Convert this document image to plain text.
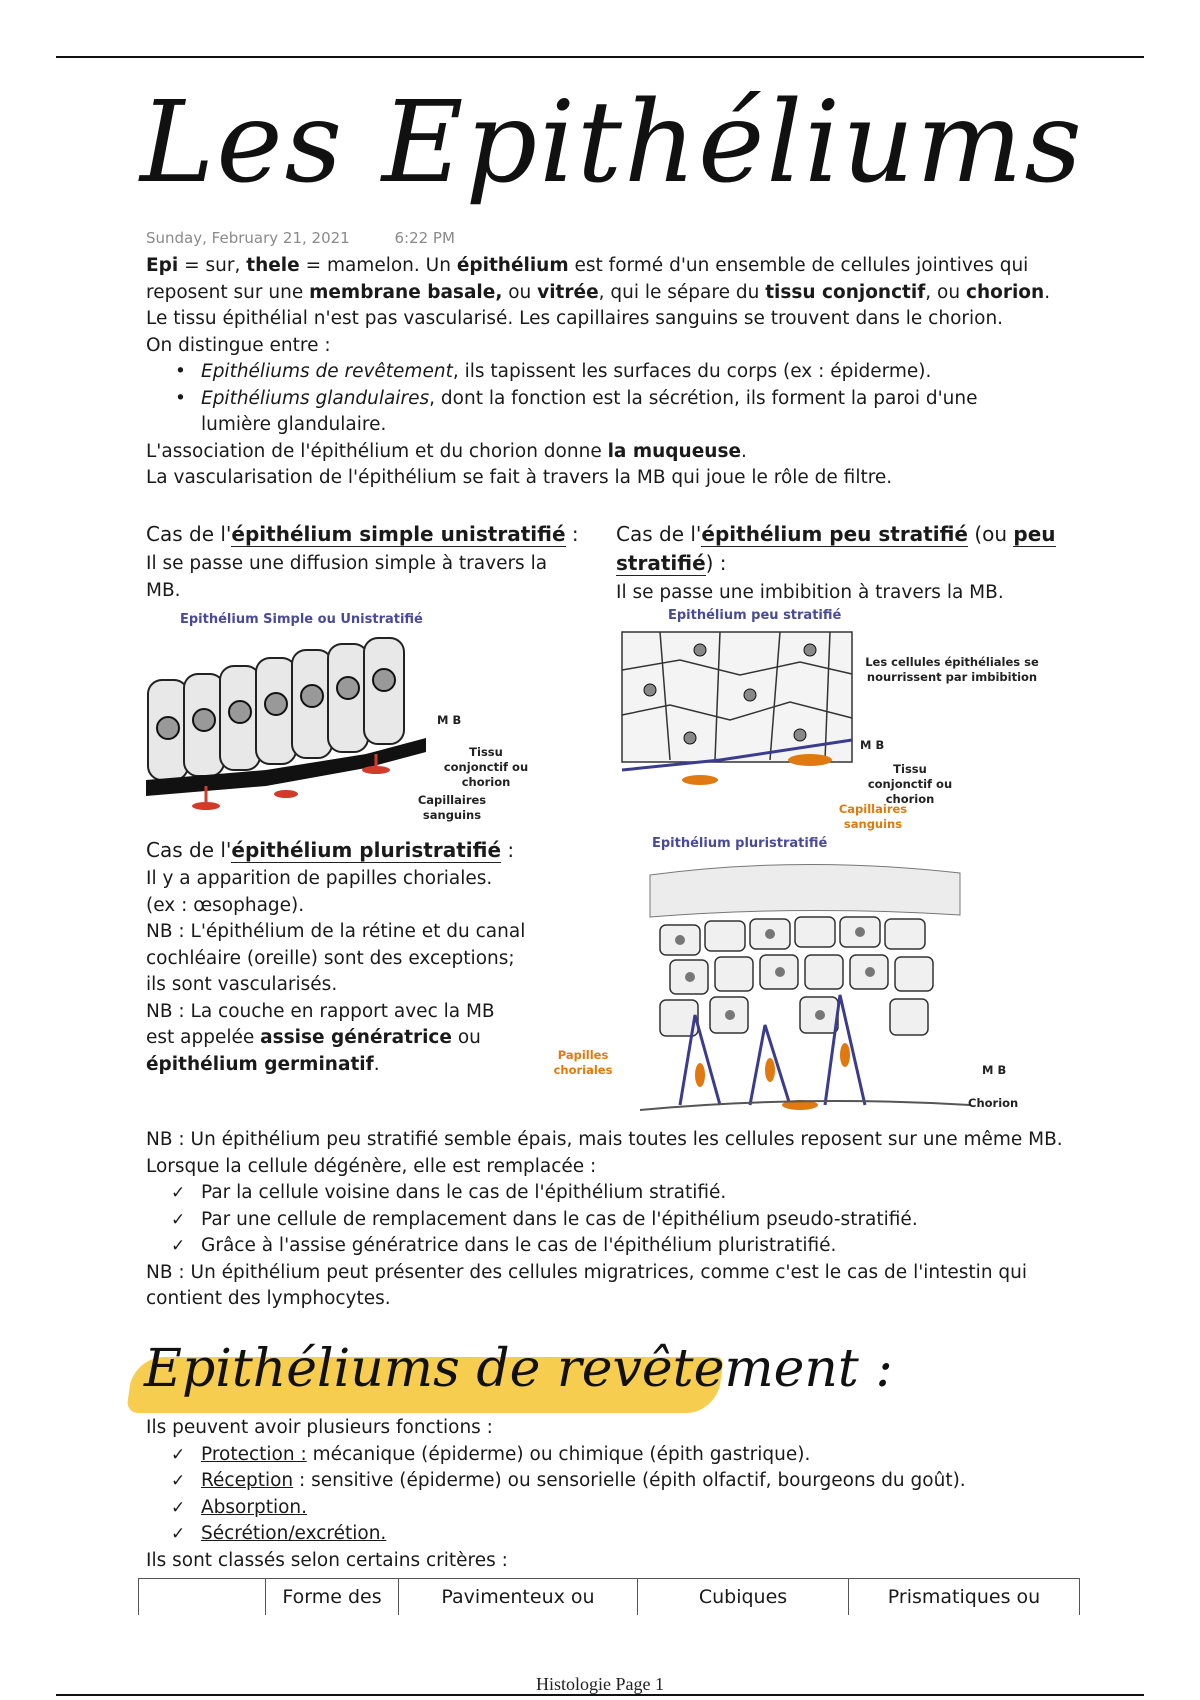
Les Epithéliums
Sunday, February 21, 2021	6:22 PM
Epi = sur, thele = mamelon. Un épithélium est formé d'un ensemble de cellules jointives qui
reposent sur une membrane basale, ou vitrée, qui le sépare du tissu conjonctif, ou chorion.
Le tissu épithélial n'est pas vascularisé. Les capillaires sanguins se trouvent dans le chorion.
On distingue entre :
• Epithéliums de revêtement, ils tapissent les surfaces du corps (ex : épiderme).
• Epithéliums glandulaires, dont la fonction est la sécrétion, ils forment la paroi d'une lumière glandulaire.
L'association de l'épithélium et du chorion donne la muqueuse.
La vascularisation de l'épithélium se fait à travers la MB qui joue le rôle de filtre.
Cas de l'épithélium simple unistratifié :
Il se passe une diffusion simple à travers la MB.
Epithélium Simple ou Unistratifié
M B
Tissu conjonctif ou chorion
Capillaires sanguins
Cas de l'épithélium peu stratifié (ou peu stratifié) :
Il se passe une imbibition à travers la MB.
Epithélium peu stratifié
Les cellules épithéliales se nourrissent par imbibition
M B
Tissu conjonctif ou chorion
Capillaires sanguins
Cas de l'épithélium pluristratifié :
Il y a apparition de papilles choriales.
(ex : œsophage).
NB : L'épithélium de la rétine et du canal cochléaire (oreille) sont des exceptions; ils sont vascularisés.
NB : La couche en rapport avec la MB est appelée assise génératrice ou épithélium germinatif.
Epithélium pluristratifié
Papilles choriales	M B
Chorion
NB : Un épithélium peu stratifié semble épais, mais toutes les cellules reposent sur une même MB.
Lorsque la cellule dégénère, elle est remplacée :
✓ Par la cellule voisine dans le cas de l'épithélium stratifié.
✓ Par une cellule de remplacement dans le cas de l'épithélium pseudo-stratifié.
✓ Grâce à l'assise génératrice dans le cas de l'épithélium pluristratifié.
NB : Un épithélium peut présenter des cellules migratrices, comme c'est le cas de l'intestin qui contient des lymphocytes.
Epithéliums de revêtement :
Ils peuvent avoir plusieurs fonctions :
✓ Protection : mécanique (épiderme) ou chimique (épith gastrique).
✓ Réception : sensitive (épiderme) ou sensorielle (épith olfactif, bourgeons du goût).
✓ Absorption.
✓ Sécrétion/excrétion.
Ils sont classés selon certains critères :
	Forme des	Pavimenteux ou	Cubiques	Prismatiques ou
Histologie Page 1
